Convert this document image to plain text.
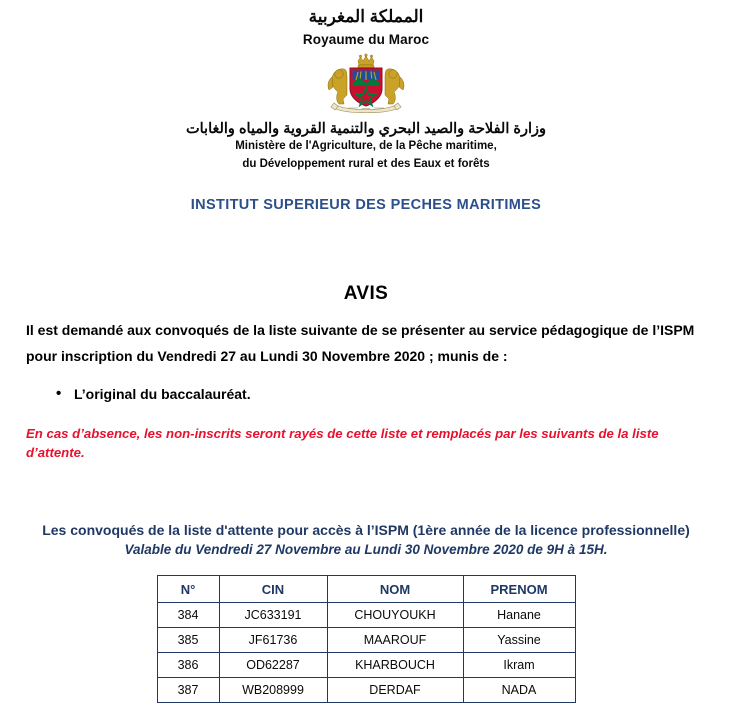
المملكة المغربية
Royaume du Maroc
وزارة الفلاحة والصيد البحري والتنمية القروية والمياه والغابات
Ministère de l'Agriculture, de la Pêche maritime,
du Développement rural et des Eaux et forêts
INSTITUT SUPERIEUR DES PECHES MARITIMES
AVIS
Il est demandé aux convoqués de la liste suivante de se présenter au service pédagogique de l’ISPM pour inscription du Vendredi 27 au Lundi 30 Novembre 2020 ; munis de :
• L’original du baccalauréat.
En cas d’absence, les non-inscrits seront rayés de cette liste et remplacés par les suivants de la liste d’attente.
Les convoqués de la liste d'attente pour accès à l’ISPM (1ère année de la licence professionnelle)
Valable du Vendredi 27 Novembre au Lundi 30 Novembre 2020 de 9H à 15H.
N°	CIN	NOM	PRENOM
384	JC633191	CHOUYOUKH	Hanane
385	JF61736	MAAROUF	Yassine
386	OD62287	KHARBOUCH	Ikram
387	WB208999	DERDAF	NADA
